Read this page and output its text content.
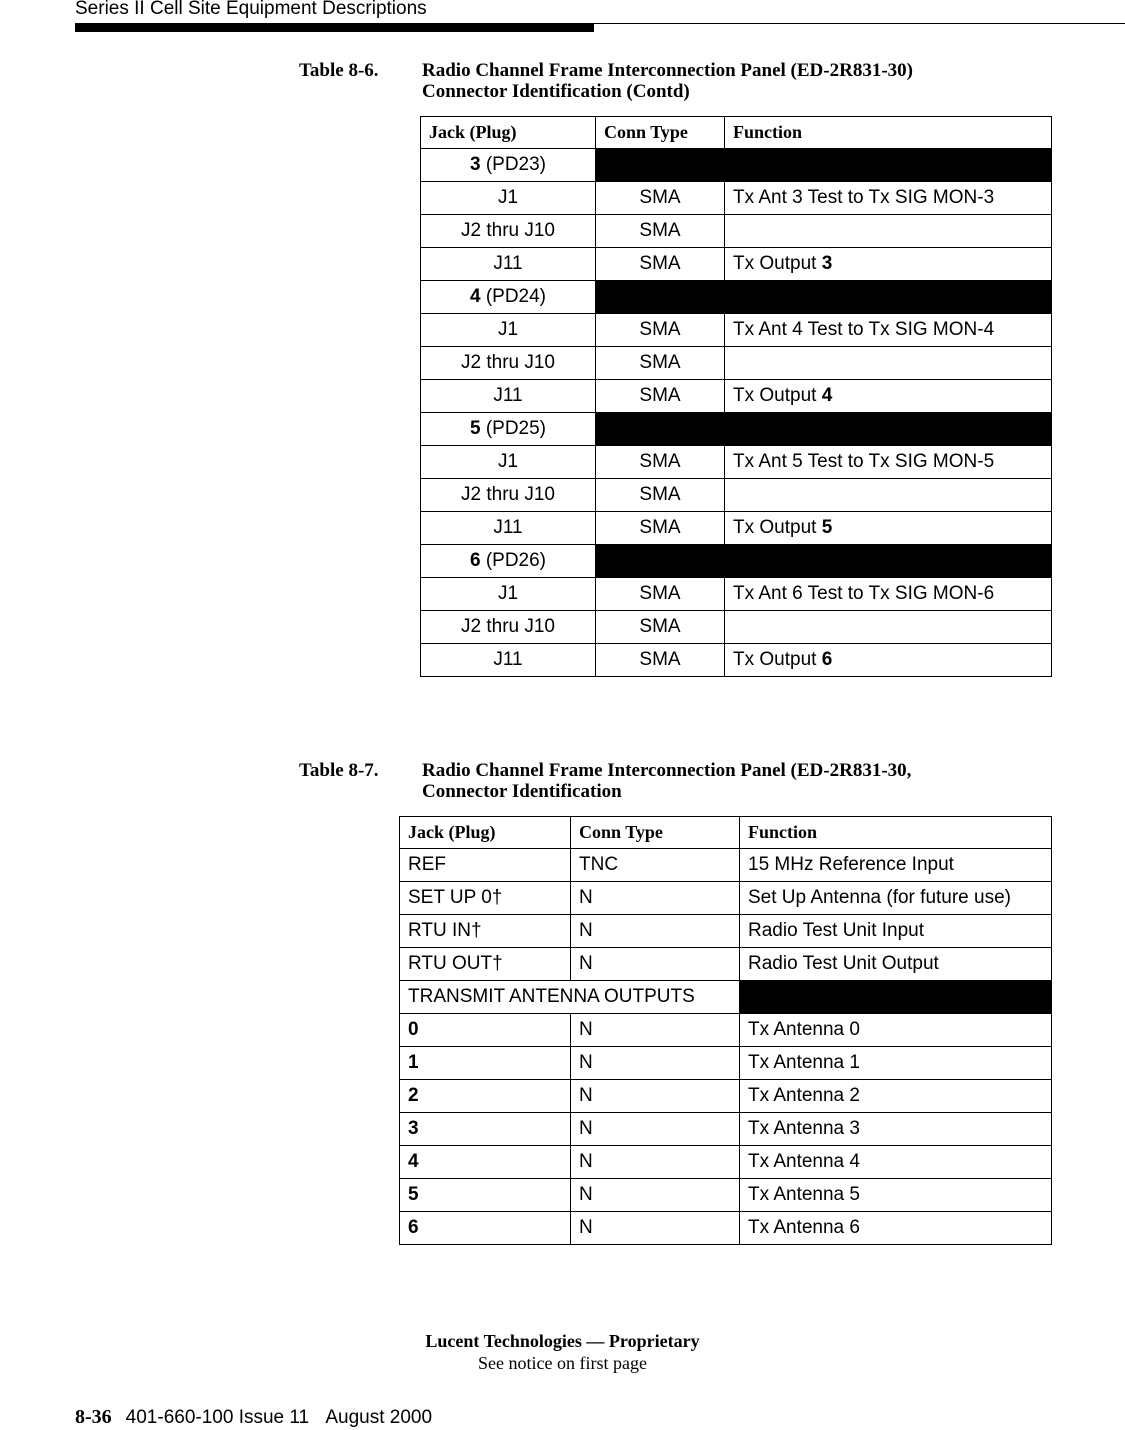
Series II Cell Site Equipment Descriptions
Table 8-6. Radio Channel Frame Interconnection Panel (ED-2R831-30)
Connector Identification (Contd)
Jack (Plug)	Conn Type	Function
3 (PD23)		
J1	SMA	Tx Ant 3 Test to Tx SIG MON-3
J2 thru J10	SMA	
J11	SMA	Tx Output 3
4 (PD24)		
J1	SMA	Tx Ant 4 Test to Tx SIG MON-4
J2 thru J10	SMA	
J11	SMA	Tx Output 4
5 (PD25)		
J1	SMA	Tx Ant 5 Test to Tx SIG MON-5
J2 thru J10	SMA	
J11	SMA	Tx Output 5
6 (PD26)		
J1	SMA	Tx Ant 6 Test to Tx SIG MON-6
J2 thru J10	SMA	
J11	SMA	Tx Output 6
Table 8-7. Radio Channel Frame Interconnection Panel (ED-2R831-30,
Connector Identification
Jack (Plug)	Conn Type	Function
REF	TNC	15 MHz Reference Input
SET UP 0†	N	Set Up Antenna (for future use)
RTU IN†	N	Radio Test Unit Input
RTU OUT†	N	Radio Test Unit Output
TRANSMIT ANTENNA OUTPUTS		
0	N	Tx Antenna 0
1	N	Tx Antenna 1
2	N	Tx Antenna 2
3	N	Tx Antenna 3
4	N	Tx Antenna 4
5	N	Tx Antenna 5
6	N	Tx Antenna 6
Lucent Technologies — Proprietary
See notice on first page
8-36 401-660-100 Issue 11 August 2000
